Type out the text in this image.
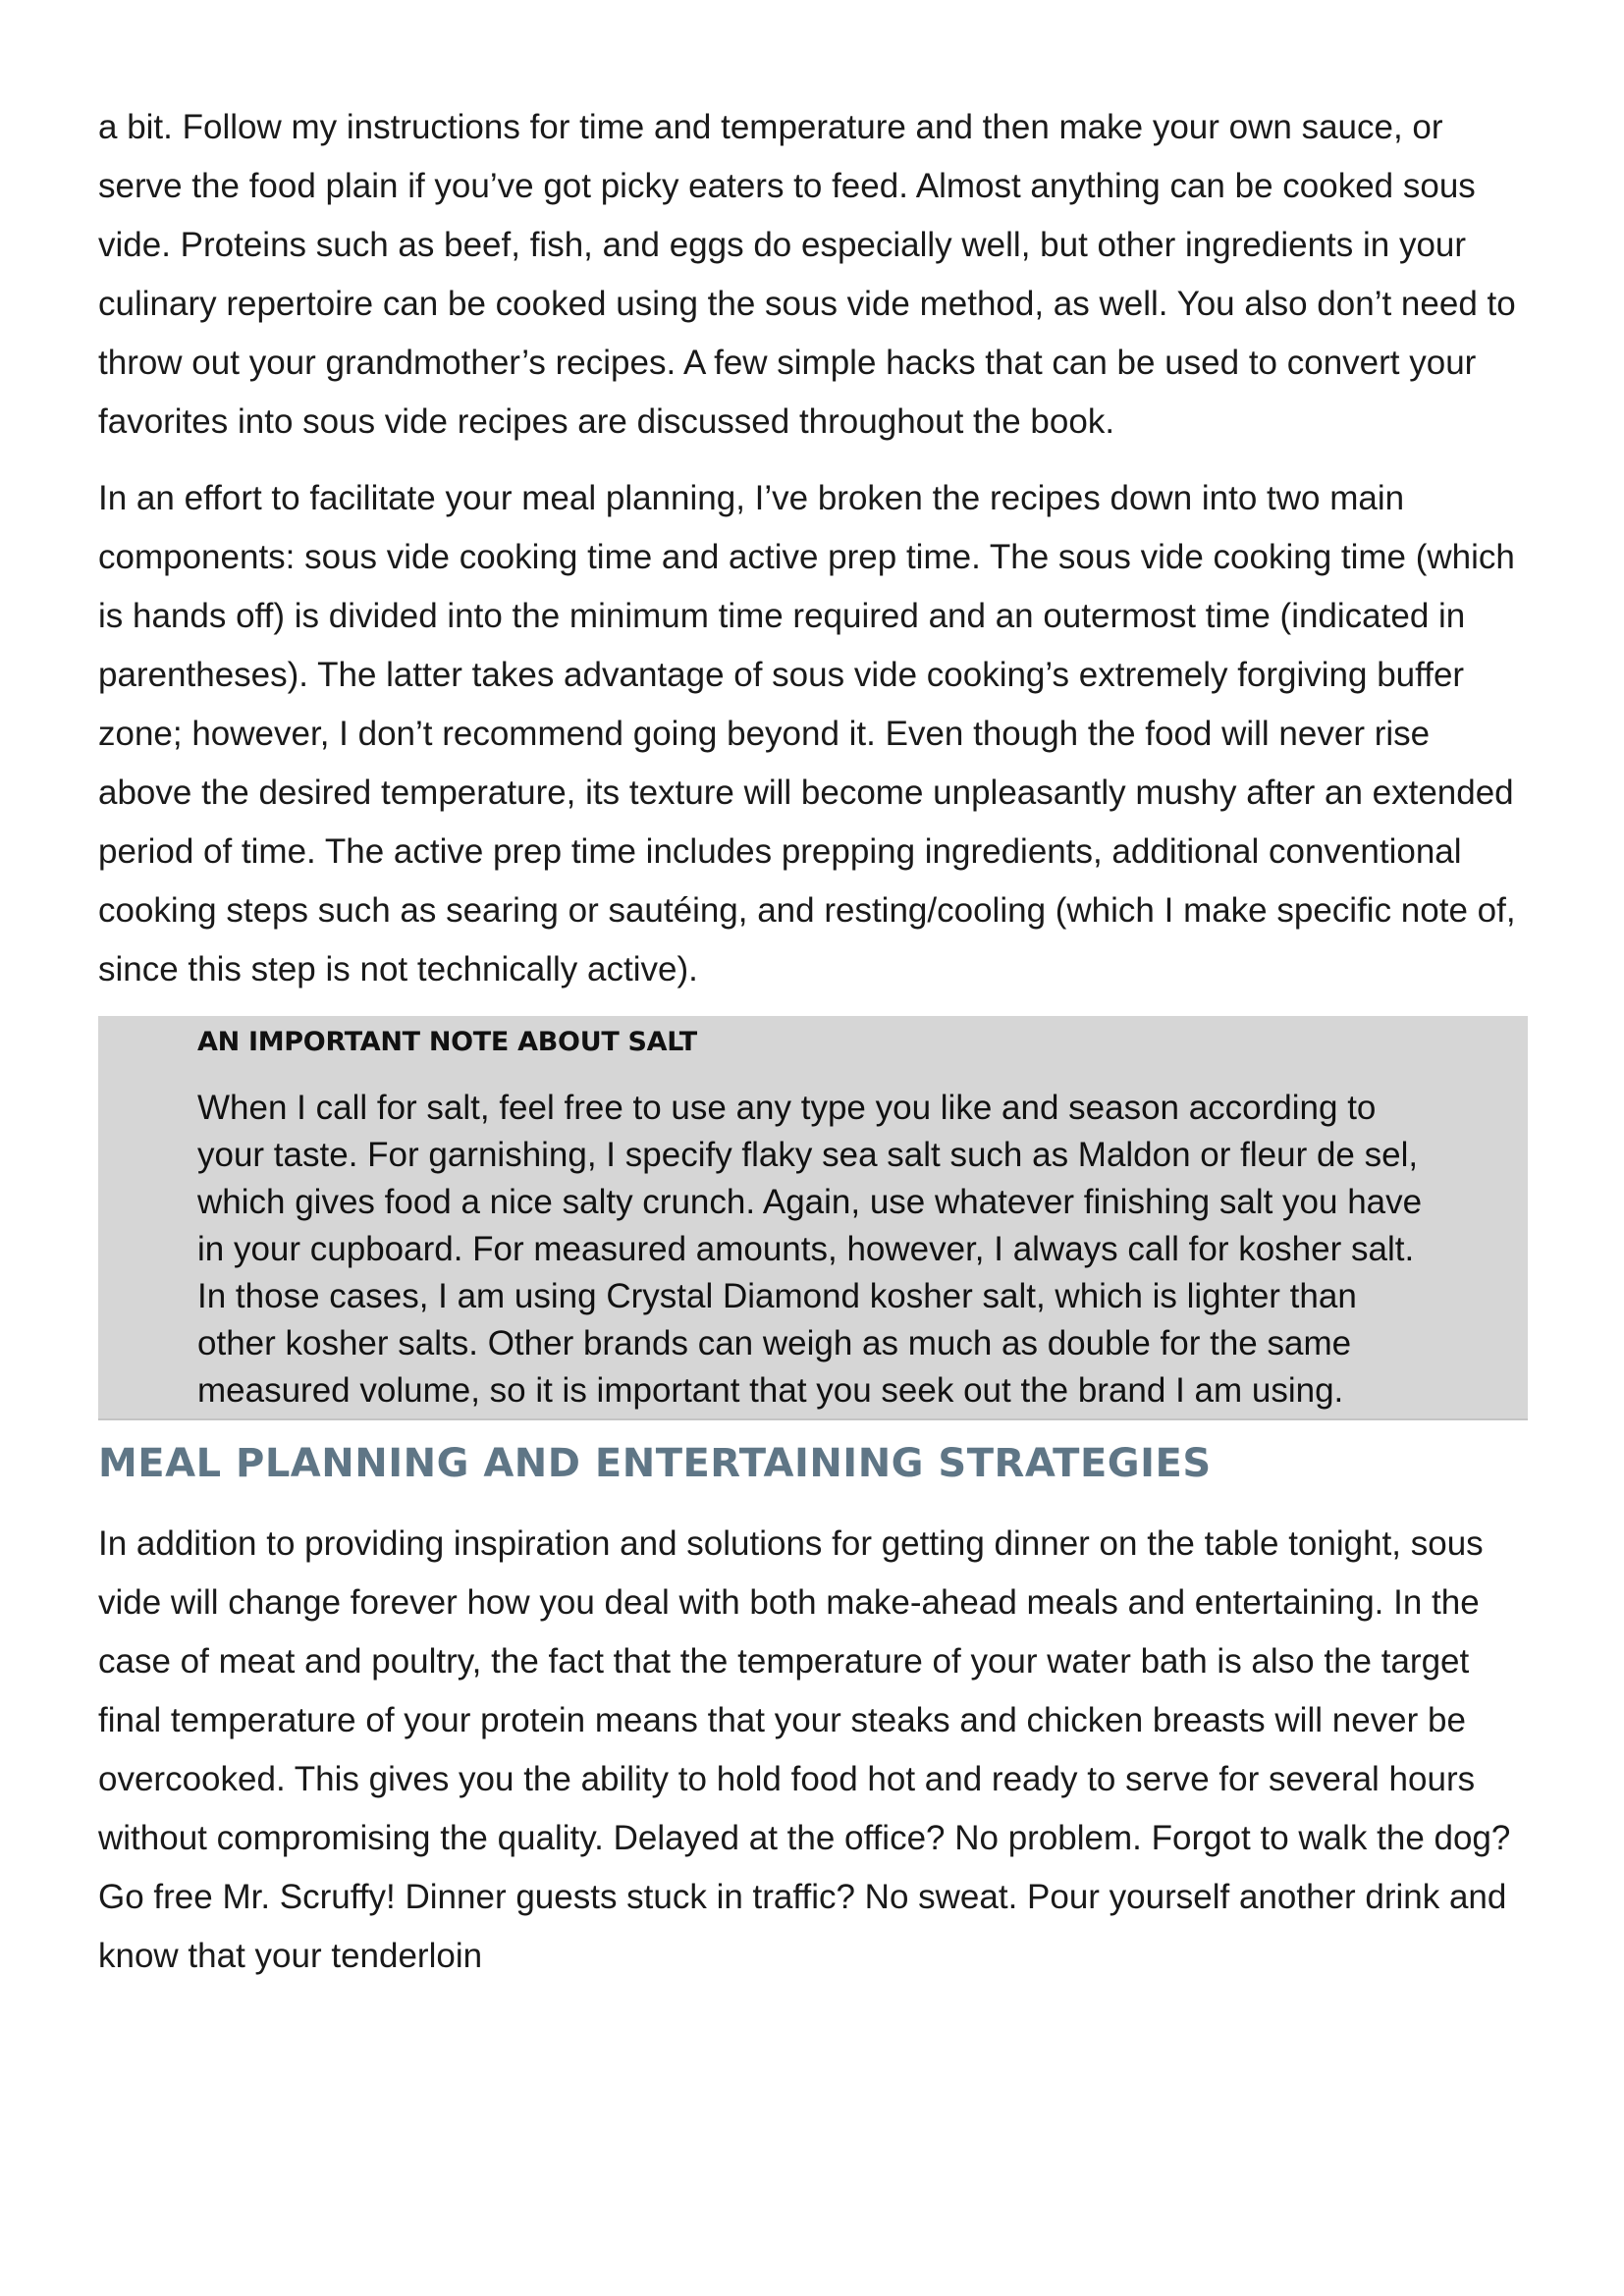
a bit. Follow my instructions for time and temperature and then make your own sauce, or serve the food plain if you’ve got picky eaters to feed. Almost anything can be cooked sous vide. Proteins such as beef, fish, and eggs do especially well, but other ingredients in your culinary repertoire can be cooked using the sous vide method, as well. You also don’t need to throw out your grandmother’s recipes. A few simple hacks that can be used to convert your favorites into sous vide recipes are discussed throughout the book.

In an effort to facilitate your meal planning, I’ve broken the recipes down into two main components: sous vide cooking time and active prep time. The sous vide cooking time (which is hands off) is divided into the minimum time required and an outermost time (indicated in parentheses). The latter takes advantage of sous vide cooking’s extremely forgiving buffer zone; however, I don’t recommend going beyond it. Even though the food will never rise above the desired temperature, its texture will become unpleasantly mushy after an extended period of time. The active prep time includes prepping ingredients, additional conventional cooking steps such as searing or sautéing, and resting/cooling (which I make specific note of, since this step is not technically active).

AN IMPORTANT NOTE ABOUT SALT

When I call for salt, feel free to use any type you like and season according to your taste. For garnishing, I specify flaky sea salt such as Maldon or fleur de sel, which gives food a nice salty crunch. Again, use whatever finishing salt you have in your cupboard. For measured amounts, however, I always call for kosher salt. In those cases, I am using Crystal Diamond kosher salt, which is lighter than other kosher salts. Other brands can weigh as much as double for the same measured volume, so it is important that you seek out the brand I am using.

MEAL PLANNING AND ENTERTAINING STRATEGIES

In addition to providing inspiration and solutions for getting dinner on the table tonight, sous vide will change forever how you deal with both make-ahead meals and entertaining. In the case of meat and poultry, the fact that the temperature of your water bath is also the target final temperature of your protein means that your steaks and chicken breasts will never be overcooked. This gives you the ability to hold food hot and ready to serve for several hours without compromising the quality. Delayed at the office? No problem. Forgot to walk the dog? Go free Mr. Scruffy! Dinner guests stuck in traffic? No sweat. Pour yourself another drink and know that your tenderloin
